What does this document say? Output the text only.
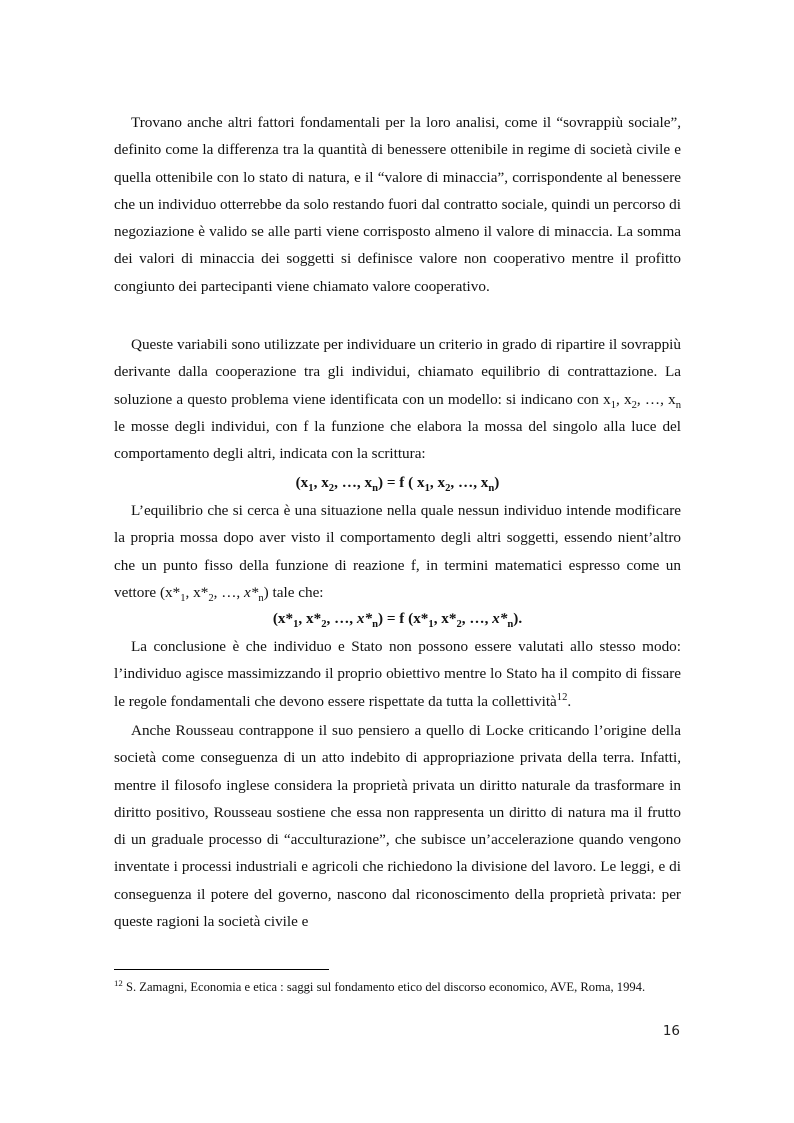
Trovano anche altri fattori fondamentali per la loro analisi, come il “sovrappiù sociale”, definito come la differenza tra la quantità di benessere ottenibile in regime di società civile e quella ottenibile con lo stato di natura, e il “valore di minaccia”, corrispondente al benessere che un individuo otterrebbe da solo restando fuori dal contratto sociale, quindi un percorso di negoziazione è valido se alle parti viene corrisposto almeno il valore di minaccia. La somma dei valori di minaccia dei soggetti si definisce valore non cooperativo mentre il profitto congiunto dei partecipanti viene chiamato valore cooperativo.

Queste variabili sono utilizzate per individuare un criterio in grado di ripartire il sovrappiù derivante dalla cooperazione tra gli individui, chiamato equilibrio di contrattazione. La soluzione a questo problema viene identificata con un modello: si indicano con $x_1$, $x_2$, …, $x_n$ le mosse degli individui, con f la funzione che elabora la mossa del singolo alla luce del comportamento degli altri, indicata con la scrittura:

($x_1$, $x_2$, …, $x_n) = f$ ( $x_1$, $x_2$, …, $x_n$)

L’equilibrio che si cerca è una situazione nella quale nessun individuo intende modificare la propria mossa dopo aver visto il comportamento degli altri soggetti, essendo nient’altro che un punto fisso della funzione di reazione f, in termini matematici espresso come un vettore ($x*_1$, $x*_2$, …, $x*_n$) tale che:

($x*_1$, $x*_2$, …, $x*_n) = f$ ($x*_1$, $x*_2$, …, $x*_n$).

La conclusione è che individuo e Stato non possono essere valutati allo stesso modo: l’individuo agisce massimizzando il proprio obiettivo mentre lo Stato ha il compito di fissare le regole fondamentali che devono essere rispettate da tutta la collettività$^{12}$.

Anche Rousseau contrappone il suo pensiero a quello di Locke criticando l’origine della società come conseguenza di un atto indebito di appropriazione privata della terra. Infatti, mentre il filosofo inglese considera la proprietà privata un diritto naturale da trasformare in diritto positivo, Rousseau sostiene che essa non rappresenta un diritto di natura ma il frutto di un graduale processo di “acculturazione”, che subisce un’accelerazione quando vengono inventate i processi industriali e agricoli che richiedono la divisione del lavoro. Le leggi, e di conseguenza il potere del governo, nascono dal riconoscimento della proprietà privata: per queste ragioni la società civile e

$^{12}$ S. Zamagni, Economia e etica : saggi sul fondamento etico del discorso economico, AVE, Roma, 1994.

16
